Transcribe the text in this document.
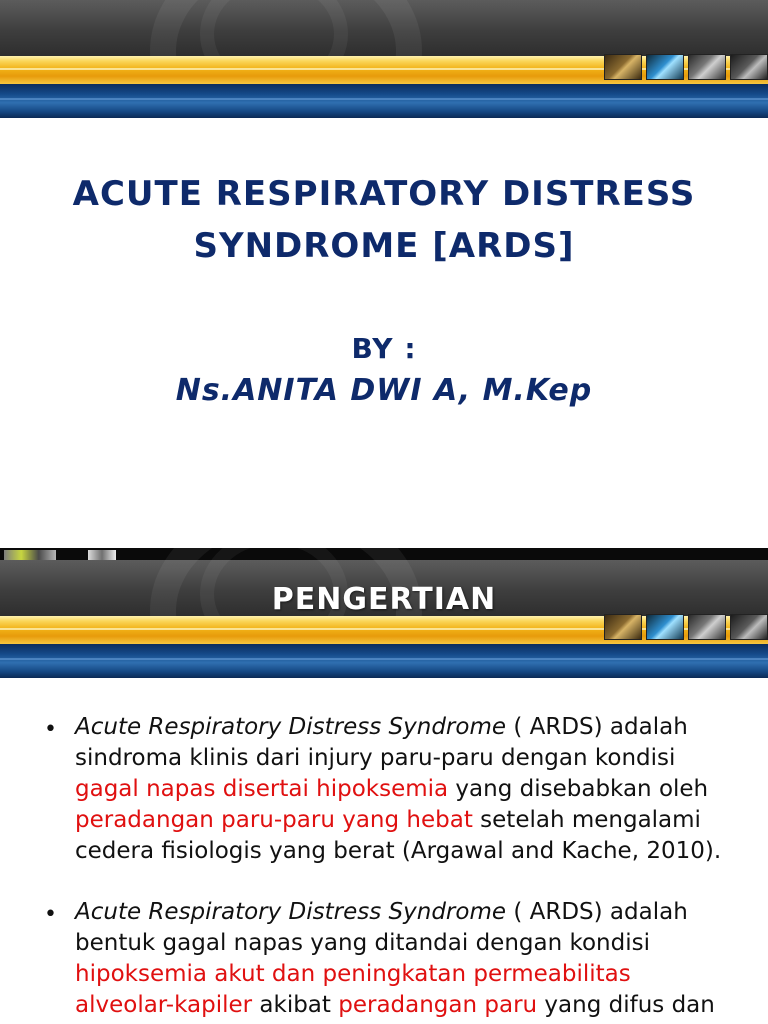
ACUTE RESPIRATORY DISTRESS
SYNDROME [ARDS]
BY :
Ns.ANITA DWI A, M.Kep
PENGERTIAN
• Acute Respiratory Distress Syndrome ( ARDS) adalah sindroma klinis dari injury paru-paru dengan kondisi gagal napas disertai hipoksemia yang disebabkan oleh peradangan paru-paru yang hebat setelah mengalami cedera fisiologis yang berat (Argawal and Kache, 2010).
• Acute Respiratory Distress Syndrome ( ARDS) adalah bentuk gagal napas yang ditandai dengan kondisi hipoksemia akut dan peningkatan permeabilitas alveolar-kapiler akibat peradangan paru yang difus dan
